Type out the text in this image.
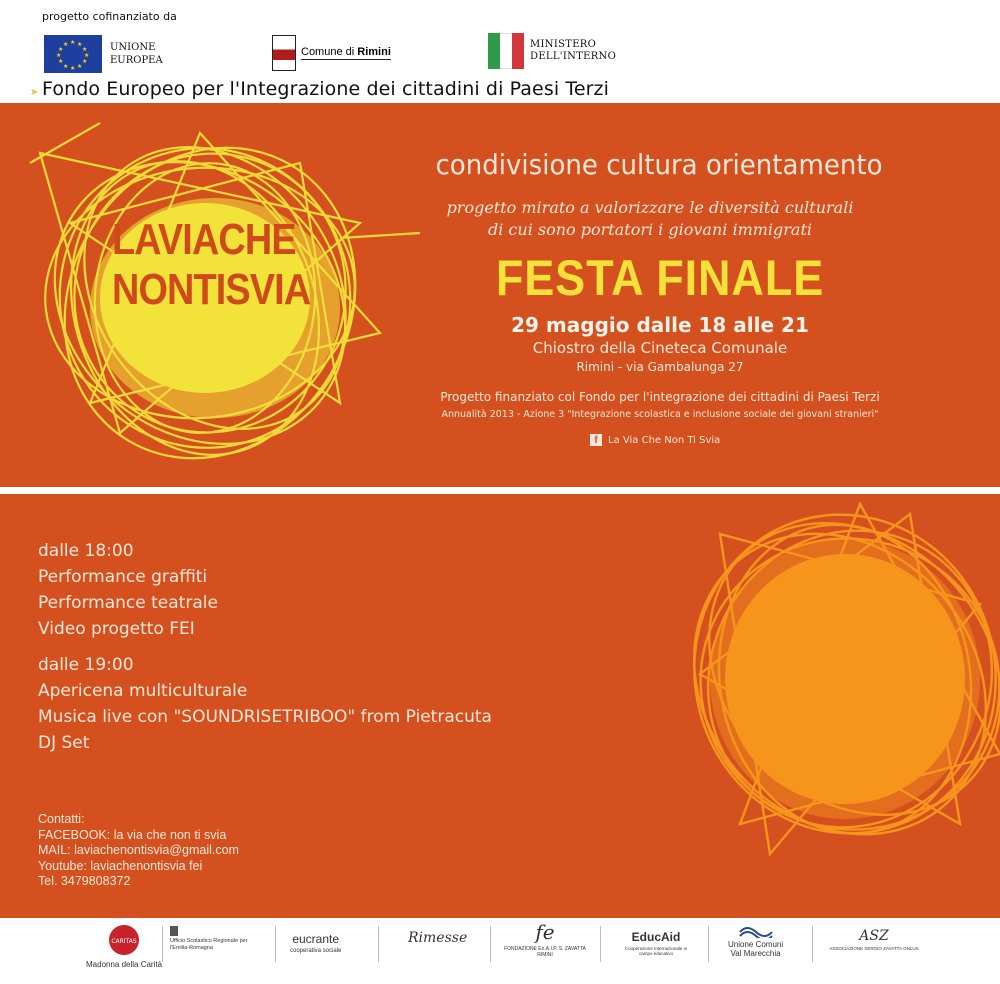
progetto cofinanziato da
★ ★
★
★
★
★
★
★
★
★
★
★	UNIONE
EUROPEA
Comune di Rimini
MINISTERO
DELL'INTERNO
➤ Fondo Europeo per l'Integrazione dei cittadini di Paesi Terzi
LAVIACHE
NONTISVIA
condivisione cultura orientamento
progetto mirato a valorizzare le diversità culturali
di cui sono portatori i giovani immigrati
FESTA FINALE
29 maggio dalle 18 alle 21
Chiostro della Cineteca Comunale
Rimini - via Gambalunga 27
Progetto finanziato col Fondo per l'integrazione dei cittadini di Paesi Terzi
Annualità 2013 - Azione 3 "Integrazione scolastica e inclusione sociale dei giovani stranieri"
f	La Via Che Non Ti Svia
dalle 18:00
Performance graffiti
Performance teatrale
Video progetto FEI
dalle 19:00
Apericena multiculturale
Musica live con "SOUNDRISETRIBOO" from Pietracuta
DJ Set
Contatti:
FACEBOOK: la via che non ti svia
MAIL: laviachenontisvia@gmail.com
Youtube: laviachenontisvia fei
Tel. 3479808372
CARITAS
Madonna della Carità
Ufficio Scolastico Regionale per l'Emilia-Romagna
eucrante
cooperativa sociale
Rimesse	fe
FONDAZIONE En.A.I.P. S. ZAVATTA RIMINI
EducAid
Cooperazione Internazionale in campo educativo
Unione Comuni
Val Marecchia
ASZ
ASSOCIAZIONE SERGIO ZAVATTA ONLUS
